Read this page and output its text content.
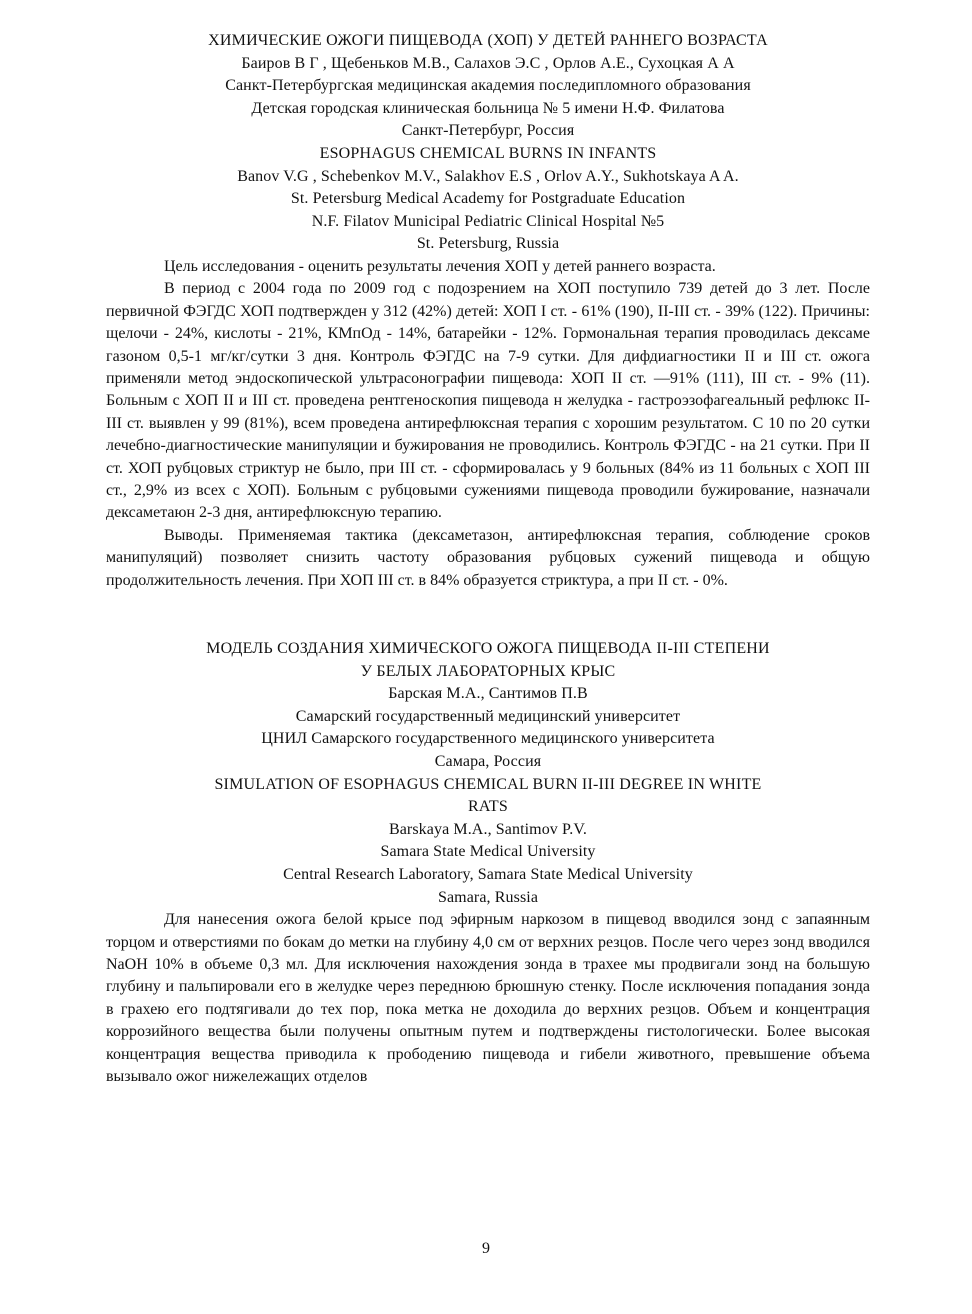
ХИМИЧЕСКИЕ ОЖОГИ ПИЩЕВОДА (ХОП) У ДЕТЕЙ РАННЕГО ВОЗРАСТА
Баиров В Г , Щебеньков М.В., Салахов Э.С , Орлов А.Е., Сухоцкая А А
Санкт-Петербургская медицинская академия последипломного образования
Детская городская клиническая больница № 5 имени Н.Ф. Филатова
Санкт-Петербург, Россия
ESOPHAGUS CHEMICAL BURNS IN INFANTS
Banov V.G , Schebenkov M.V., Salakhov E.S , Orlov A.Y., Sukhotskaya A A.
St. Petersburg Medical Academy for Postgraduate Education
N.F. Filatov Municipal Pediatric Clinical Hospital №5
St. Petersburg, Russia

Цель исследования - оценить результаты лечения ХОП у детей раннего возраста.

В период с 2004 года по 2009 год с подозрением на ХОП поступило 739 детей до 3 лет. После первичной ФЭГДС ХОП подтвержден у 312 (42%) детей: ХОП I ст. - 61% (190), II-III ст. - 39% (122). Причины: щелочи - 24%, кислоты - 21%, КМпОд - 14%, батарейки - 12%. Гормональная терапия проводилась дексаме газоном 0,5-1 мг/кг/сутки 3 дня. Контроль ФЭГДС на 7-9 сутки. Для дифдиагностики II и III ст. ожога применяли метод эндоскопической ультрасонографии пищевода: ХОП II ст. —91% (111), III ст. - 9% (11). Больным с ХОП II и III ст. проведена рентгеноскопия пищевода н желудка - гастроэзофагеальный рефлюкс II-III ст. выявлен у 99 (81%), всем проведена антирефлюксная терапия с хорошим результатом. С 10 по 20 сутки лечебно-диагностические манипуляции и бужирования не проводились. Контроль ФЭГДС - на 21 сутки. При II ст. ХОП рубцовых стриктур не было, при III ст. - сформировалась у 9 больных (84% из 11 больных с ХОП III ст., 2,9% из всех с ХОП). Больным с рубцовыми сужениями пищевода проводили бужирование, назначали дексаметаюн 2-3 дня, антирефлюксную терапию.

Выводы. Применяемая тактика (дексаметазон, антирефлюксная терапия, соблюдение сроков манипуляций) позволяет снизить частоту образования рубцовых сужений пищевода и общую продолжительность лечения. При ХОП III ст. в 84% образуется стриктура, а при II ст. - 0%.

МОДЕЛЬ СОЗДАНИЯ ХИМИЧЕСКОГО ОЖОГА ПИЩЕВОДА II-III СТЕПЕНИ
У БЕЛЫХ ЛАБОРАТОРНЫХ КРЫС
Барская М.А., Сантимов П.В
Самарский государственный медицинский университет
ЦНИЛ Самарского государственного медицинского университета
Самара, Россия
SIMULATION OF ESOPHAGUS CHEMICAL BURN II-III DEGREE IN WHITE
RATS
Barskaya M.A., Santimov P.V.
Samara State Medical University
Central Research Laboratory, Samara State Medical University
Samara, Russia

Для нанесения ожога белой крысе под эфирным наркозом в пищевод вводился зонд с запаянным торцом и отверстиями по бокам до метки на глубину 4,0 см от верхних резцов. После чего через зонд вводился NaOH 10% в объеме 0,3 мл. Для исключения нахождения зонда в трахее мы продвигали зонд на большую глубину и пальпировали его в желудке через переднюю брюшную стенку. После исключения попадания зонда в грахею его подтягивали до тех пор, пока метка не доходила до верхних резцов. Объем и концентрация коррозийного вещества были получены опытным путем и подтверждены гистологически. Более высокая концентрация вещества приводила к прободению пищевода и гибели животного, превышение объема вызывало ожог нижележащих отделов

9
